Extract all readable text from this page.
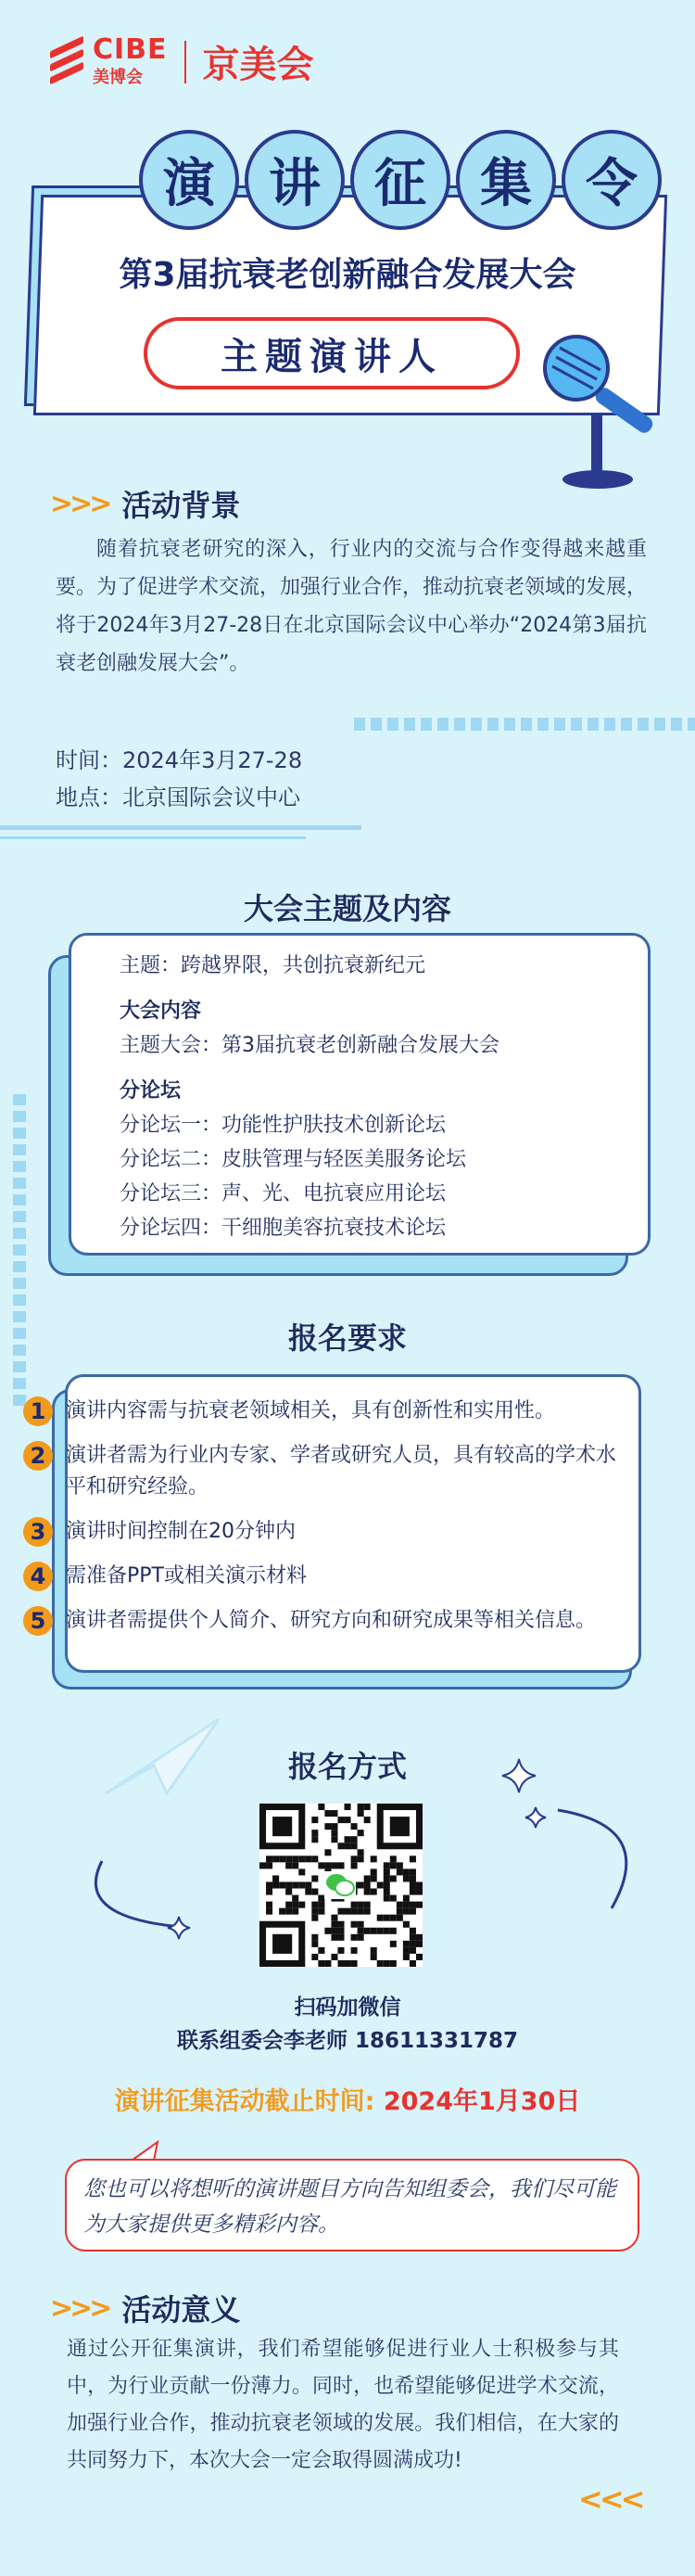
CIBE
美博会	京美会
演	讲	征	集	令
第3届抗衰老创新融合发展大会
主题演讲人
>>> 活动背景
随着抗衰老研究的深入，行业内的交流与合作变得越来越重要。为了促进学术交流，加强行业合作，推动抗衰老领域的发展，将于2024年3月27-28日在北京国际会议中心举办“2024第3届抗衰老创融发展大会”。
时间：2024年3月27-28
地点：北京国际会议中心
大会主题及内容
主题：跨越界限，共创抗衰新纪元
大会内容
主题大会：第3届抗衰老创新融合发展大会
分论坛
分论坛一：功能性护肤技术创新论坛
分论坛二：皮肤管理与轻医美服务论坛
分论坛三：声、光、电抗衰应用论坛
分论坛四：干细胞美容抗衰技术论坛
报名要求
1 演讲内容需与抗衰老领域相关，具有创新性和实用性。
2 演讲者需为行业内专家、学者或研究人员，具有较高的学术水平和研究经验。
3 演讲时间控制在20分钟内
4 需准备PPT或相关演示材料
5 演讲者需提供个人简介、研究方向和研究成果等相关信息。
报名方式
扫码加微信
联系组委会李老师 18611331787
演讲征集活动截止时间: 2024年1月30日
您也可以将想听的演讲题目方向告知组委会，我们尽可能为大家提供更多精彩内容。
>>> 活动意义
通过公开征集演讲，我们希望能够促进行业人士积极参与其中，为行业贡献一份薄力。同时，也希望能够促进学术交流，加强行业合作，推动抗衰老领域的发展。我们相信，在大家的共同努力下，本次大会一定会取得圆满成功!
<<<
